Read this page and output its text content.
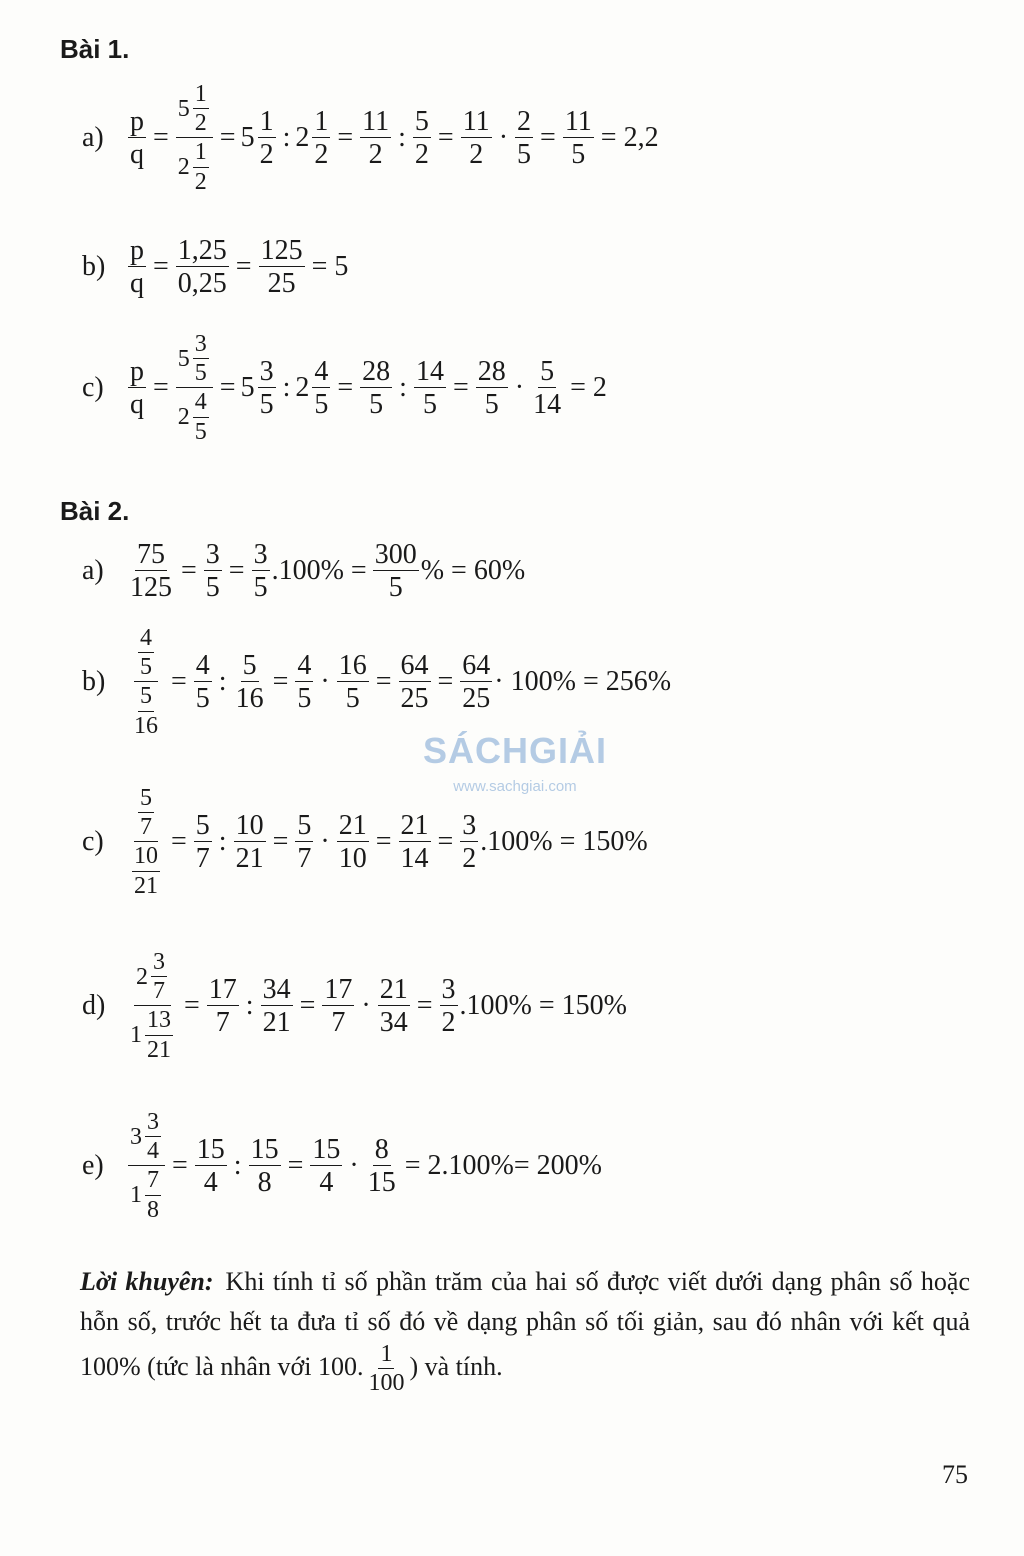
Bài 1.
$a) \frac{p}{q} = \frac{5 \frac{1}{2}}{2 \frac{1}{2}} = 5 \frac{1}{2}$ : $2 \frac{1}{2} = \frac{11}{2}$ : $\frac{5}{2} = \frac{11}{2} \cdot \frac{2}{5} = \frac{11}{5} = 2,2$
$b) \frac{p}{q} = \frac{1,25}{0,25} = \frac{125}{25} = 5$
$c) \frac{p}{q} = \frac{5 \frac{3}{5}}{2 \frac{4}{5}} = 5 \frac{3}{5}$ : $2 \frac{4}{5} = \frac{28}{5}$ : $\frac{14}{5} = \frac{28}{5} \cdot \frac{5}{14} = 2$
Bài 2.
$a) \frac{75}{125} = \frac{3}{5} = \frac{3}{5} .100\% = \frac{300}{5}$ % = 60%
$b) \frac{\frac{4}{5}}{\frac{5}{16}} = \frac{4}{5}$ : $\frac{5}{16} = \frac{4}{5} \cdot \frac{16}{5} = \frac{64}{25} = \frac{64}{25} \cdot 100\% = 256\%$
SÁCHGIẢI
www.sachgiai.com
c)	$\frac{\frac{5}{7}}{\frac{10}{21}} = \frac{5}{7}$ : $\frac{10}{21} = \frac{5}{7} \cdot \frac{21}{10} = \frac{21}{14} = \frac{3}{2} .100\% = 150\%$
$d) \frac{2 \frac{3}{7}}{1 \frac{13}{21}} = \frac{17}{7}$ : $\frac{34}{21} = \frac{17}{7} \cdot \frac{21}{34} = \frac{3}{2} .100\% = 150\%$
e)	$\frac{3 \frac{3}{4}}{1 \frac{7}{8}} = \frac{15}{4}$ : $\frac{15}{8} = \frac{15}{4} \cdot \frac{8}{15} = 2.100\%= 200\%$
Lời khuyên: Khi tính tỉ số phần trăm của hai số được viết dưới dạng phân số hoặc hỗn số, trước hết ta đưa tỉ số đó về dạng phân số tối giản, sau đó nhân với kết quả 100% (tức là nhân với 100. $\frac{1}{100}$ ) và tính.
75
